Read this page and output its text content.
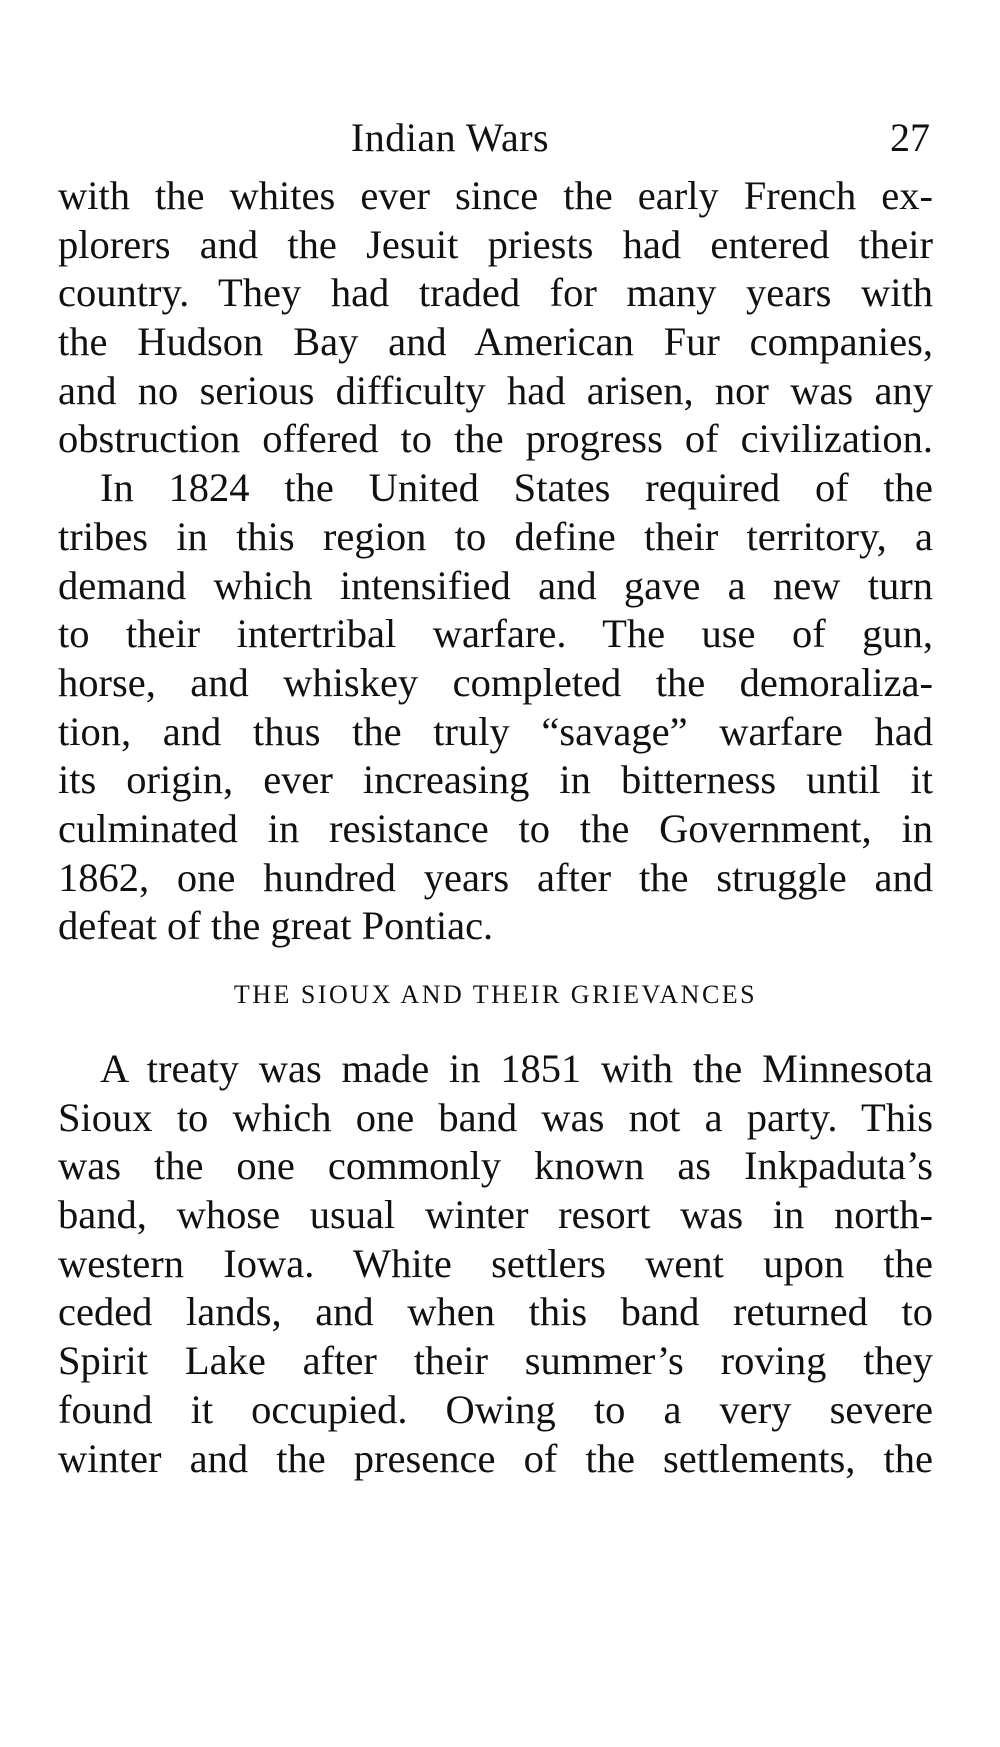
Indian Wars	27
with the whites ever since the early French ex-
plorers and the Jesuit priests had entered their
country. They had traded for many years with
the Hudson Bay and American Fur companies,
and no serious difficulty had arisen, nor was any
obstruction offered to the progress of civilization.
In 1824 the United States required of the
tribes in this region to define their territory, a
demand which intensified and gave a new turn
to their intertribal warfare. The use of gun,
horse, and whiskey completed the demoraliza-
tion, and thus the truly “savage” warfare had
its origin, ever increasing in bitterness until it
culminated in resistance to the Government, in
1862, one hundred years after the struggle and
defeat of the great Pontiac.
THE SIOUX AND THEIR GRIEVANCES
A treaty was made in 1851 with the Minnesota
Sioux to which one band was not a party. This
was the one commonly known as Inkpaduta’s
band, whose usual winter resort was in north-
western Iowa. White settlers went upon the
ceded lands, and when this band returned to
Spirit Lake after their summer’s roving they
found it occupied. Owing to a very severe
winter and the presence of the settlements, the
